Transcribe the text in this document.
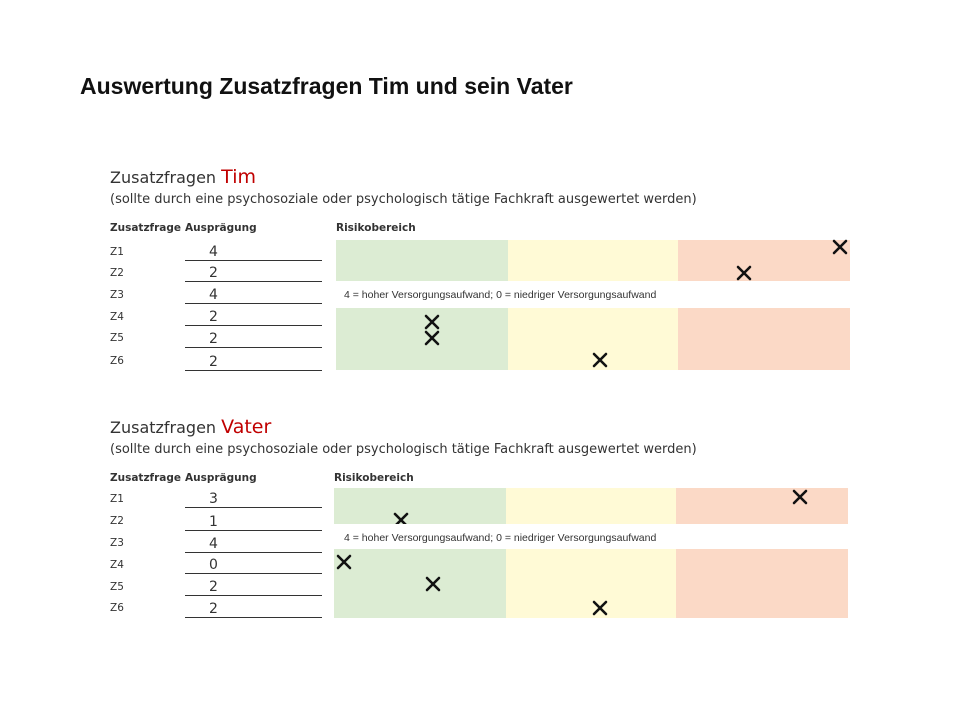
Auswertung Zusatzfragen Tim und sein Vater
Zusatzfragen Tim
(sollte durch eine psychosoziale oder psychologisch tätige Fachkraft ausgewertet werden)
Zusatzfrage Ausprägung	Risikobereich
Z1
Z2
Z3
Z4
Z5
Z6
4
2
4
2
2
2
4 = hoher Versorgungsaufwand; 0 = niedriger Versorgungsaufwand
Zusatzfragen Vater
(sollte durch eine psychosoziale oder psychologisch tätige Fachkraft ausgewertet werden)
Zusatzfrage Ausprägung	Risikobereich
Z1
Z2
Z3
Z4
Z5
Z6
3
1
4
0
2
2
4 = hoher Versorgungsaufwand; 0 = niedriger Versorgungsaufwand
